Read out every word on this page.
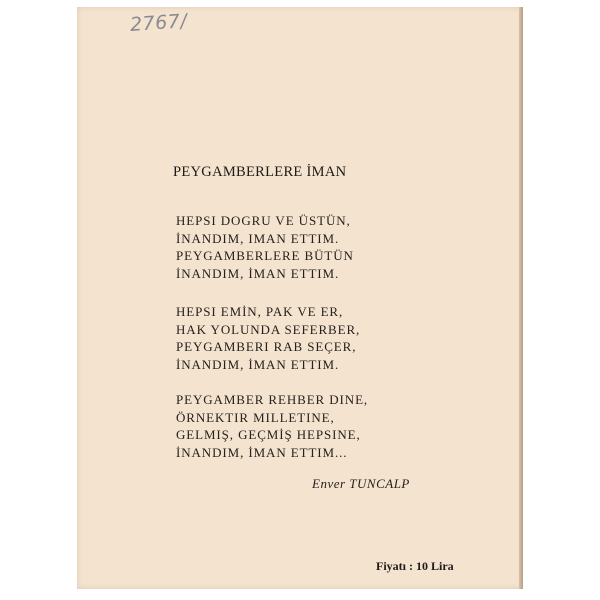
2767/
PEYGAMBERLERE İMAN
HEPSI DOGRU VE ÜSTÜN,
İNANDIM, IMAN ETTIM.
PEYGAMBERLERE BÜTÜN
İNANDIM, İMAN ETTIM.
HEPSI EMİN, PAK VE ER,
HAK YOLUNDA SEFERBER,
PEYGAMBERI RAB SEÇER,
İNANDIM, İMAN ETTIM.
PEYGAMBER REHBER DINE,
ÖRNEKTIR MILLETINE,
GELMIŞ, GEÇMİŞ HEPSINE,
İNANDIM, İMAN ETTIM...
Enver TUNCALP
Fiyatı : 10 Lira
